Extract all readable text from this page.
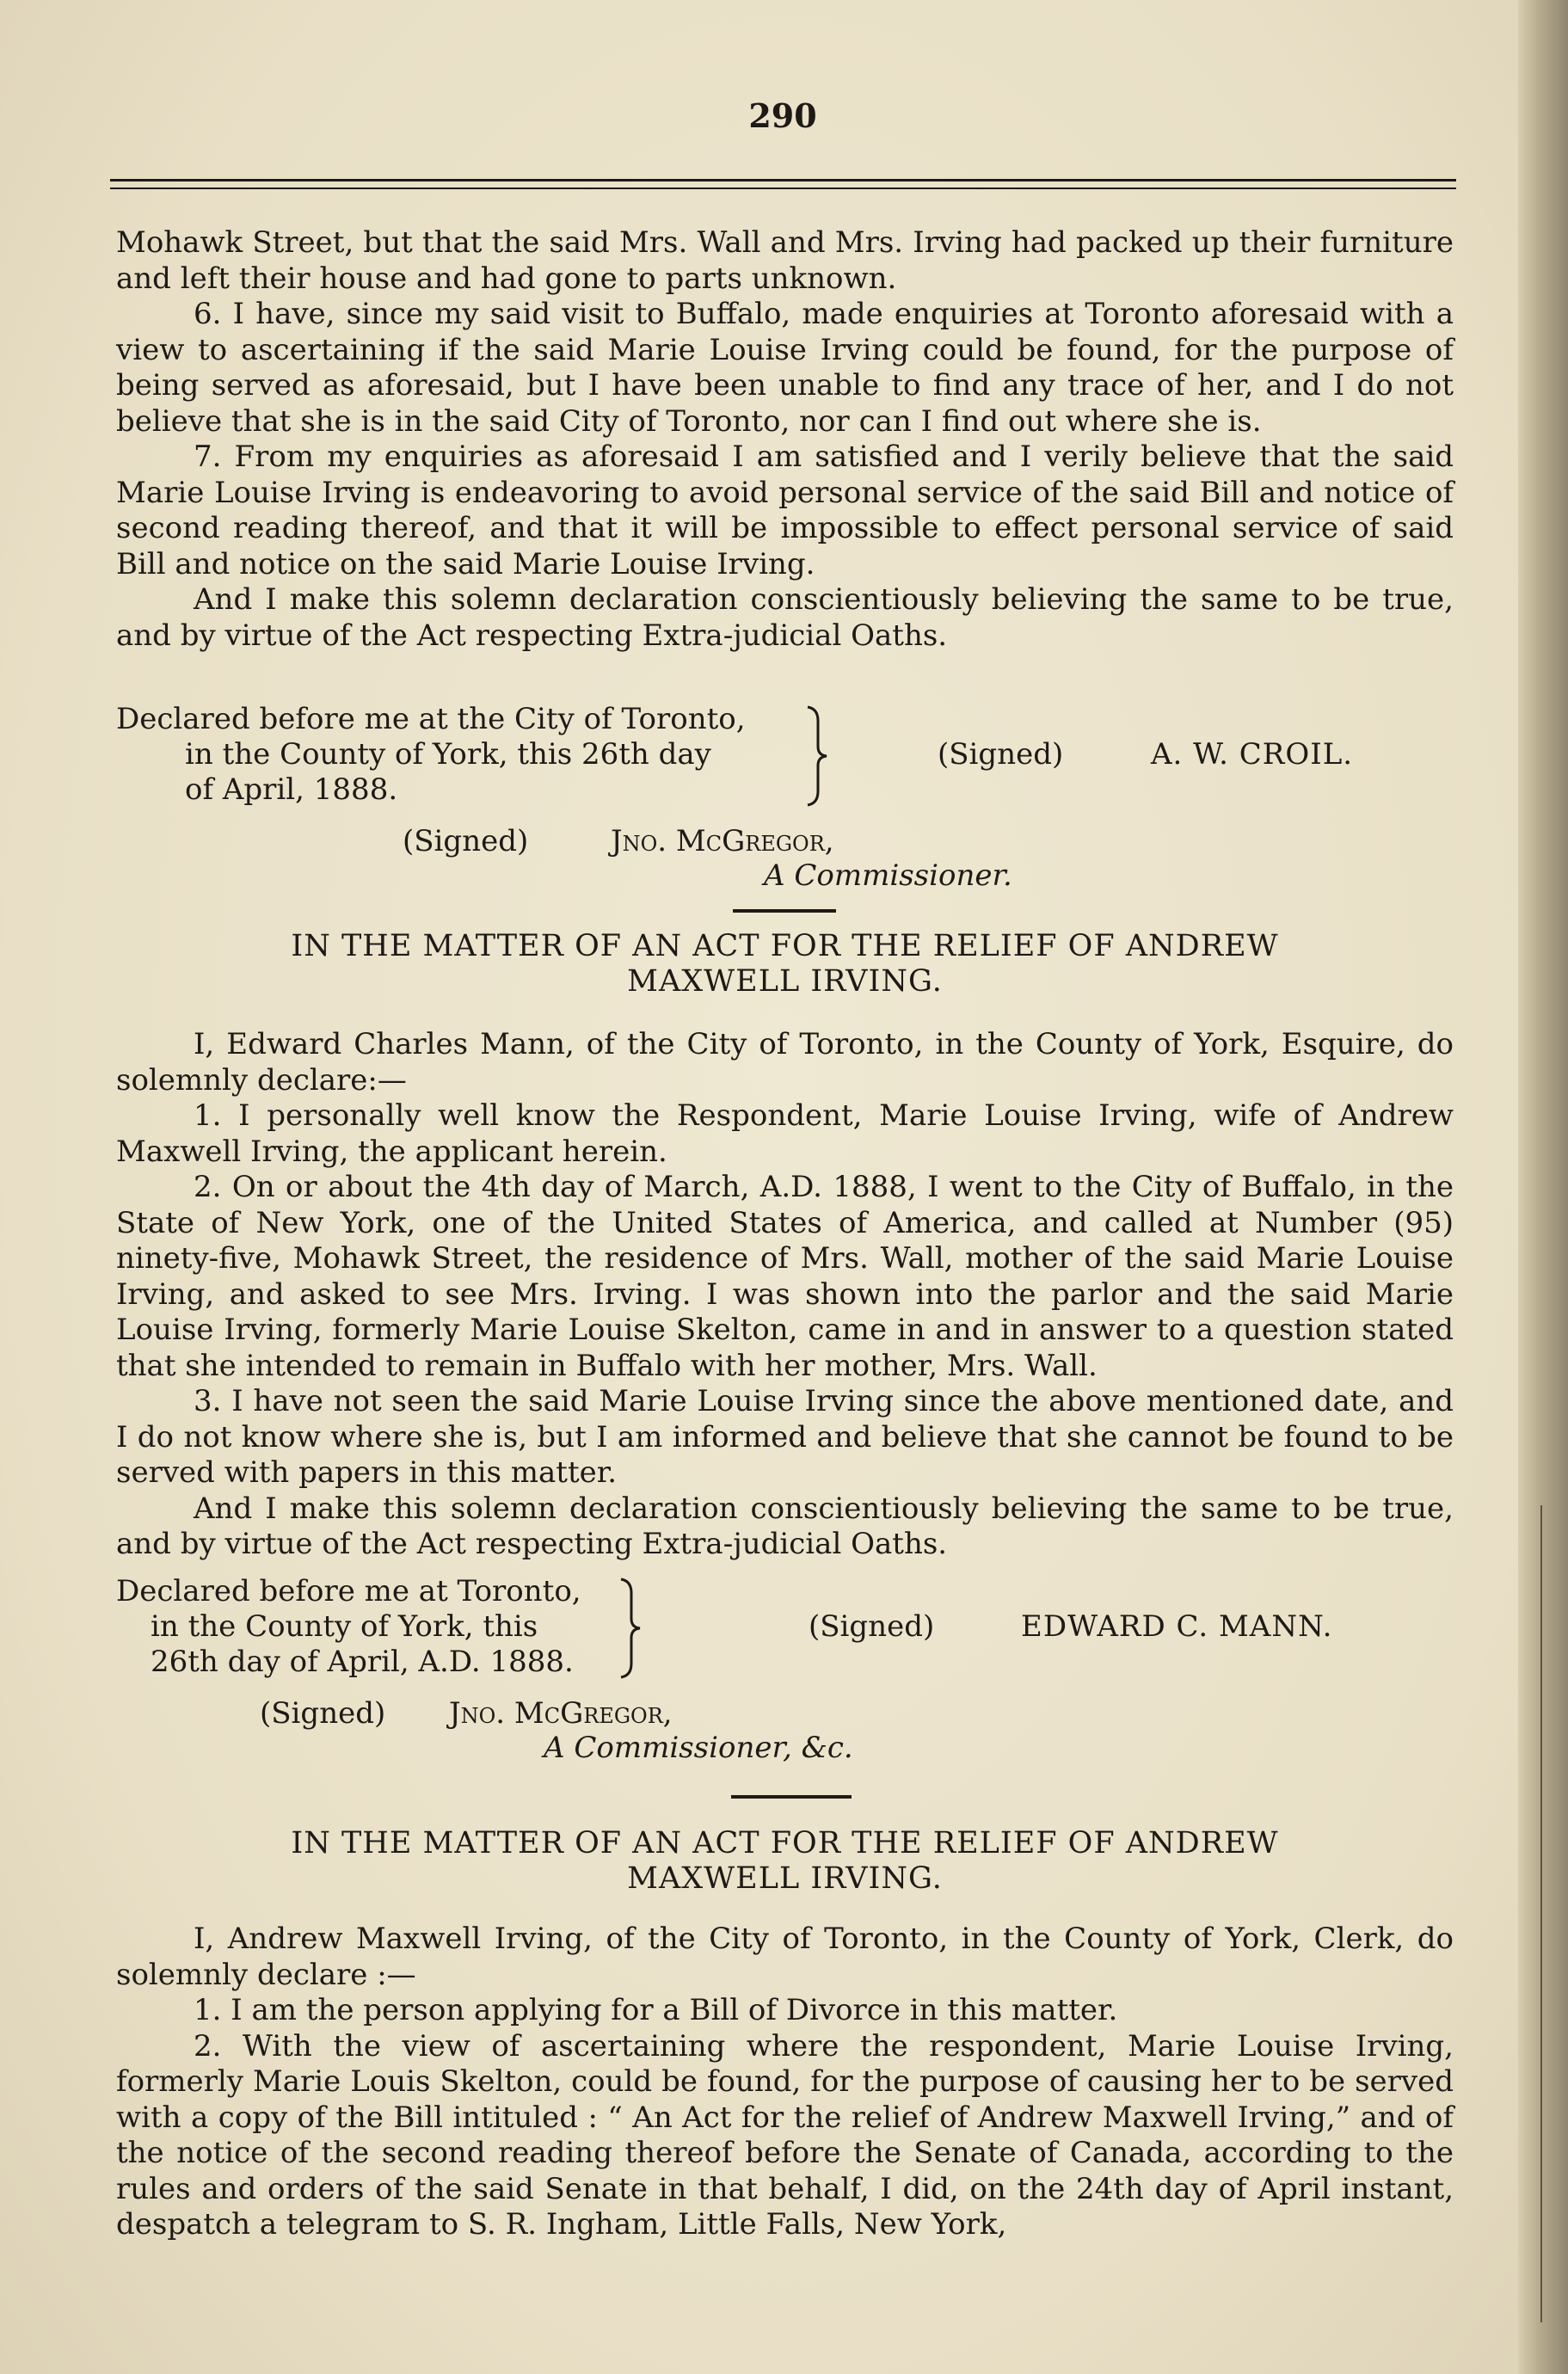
290

Mohawk Street, but that the said Mrs. Wall and Mrs. Irving had packed up their furniture and left their house and had gone to parts unknown.

6. I have, since my said visit to Buffalo, made enquiries at Toronto aforesaid with a view to ascertaining if the said Marie Louise Irving could be found, for the purpose of being served as aforesaid, but I have been unable to find any trace of her, and I do not believe that she is in the said City of Toronto, nor can I find out where she is.

7. From my enquiries as aforesaid I am satisfied and I verily believe that the said Marie Louise Irving is endeavoring to avoid personal service of the said Bill and notice of second reading thereof, and that it will be impossible to effect personal service of said Bill and notice on the said Marie Louise Irving.

And I make this solemn declaration conscientiously believing the same to be true, and by virtue of the Act respecting Extra-judicial Oaths.

Declared before me at the City of Toronto,
in the County of York, this 26th day
of April, 1888.
(Signed)	A. W. CROIL.
(Signed)	Jno. McGregor,
A Commissioner.
IN THE MATTER OF AN ACT FOR THE RELIEF OF ANDREW
MAXWELL IRVING.

I, Edward Charles Mann, of the City of Toronto, in the County of York, Esquire, do solemnly declare:—

1. I personally well know the Respondent, Marie Louise Irving, wife of Andrew Maxwell Irving, the applicant herein.

2. On or about the 4th day of March, A.D. 1888, I went to the City of Buffalo, in the State of New York, one of the United States of America, and called at Number (95) ninety-five, Mohawk Street, the residence of Mrs. Wall, mother of the said Marie Louise Irving, and asked to see Mrs. Irving. I was shown into the parlor and the said Marie Louise Irving, formerly Marie Louise Skelton, came in and in answer to a question stated that she intended to remain in Buffalo with her mother, Mrs. Wall.

3. I have not seen the said Marie Louise Irving since the above mentioned date, and I do not know where she is, but I am informed and believe that she cannot be found to be served with papers in this matter.

And I make this solemn declaration conscientiously believing the same to be true, and by virtue of the Act respecting Extra-judicial Oaths.

Declared before me at Toronto,
in the County of York, this
26th day of April, A.D. 1888.
(Signed)	EDWARD C. MANN.
(Signed) Jno. McGregor,
A Commissioner, &c.
IN THE MATTER OF AN ACT FOR THE RELIEF OF ANDREW
MAXWELL IRVING.

I, Andrew Maxwell Irving, of the City of Toronto, in the County of York, Clerk, do solemnly declare :—

1. I am the person applying for a Bill of Divorce in this matter.

2. With the view of ascertaining where the respondent, Marie Louise Irving, formerly Marie Louis Skelton, could be found, for the purpose of causing her to be served with a copy of the Bill intituled : “ An Act for the relief of Andrew Maxwell Irving,” and of the notice of the second reading thereof before the Senate of Canada, according to the rules and orders of the said Senate in that behalf, I did, on the 24th day of April instant, despatch a telegram to S. R. Ingham, Little Falls, New York,
